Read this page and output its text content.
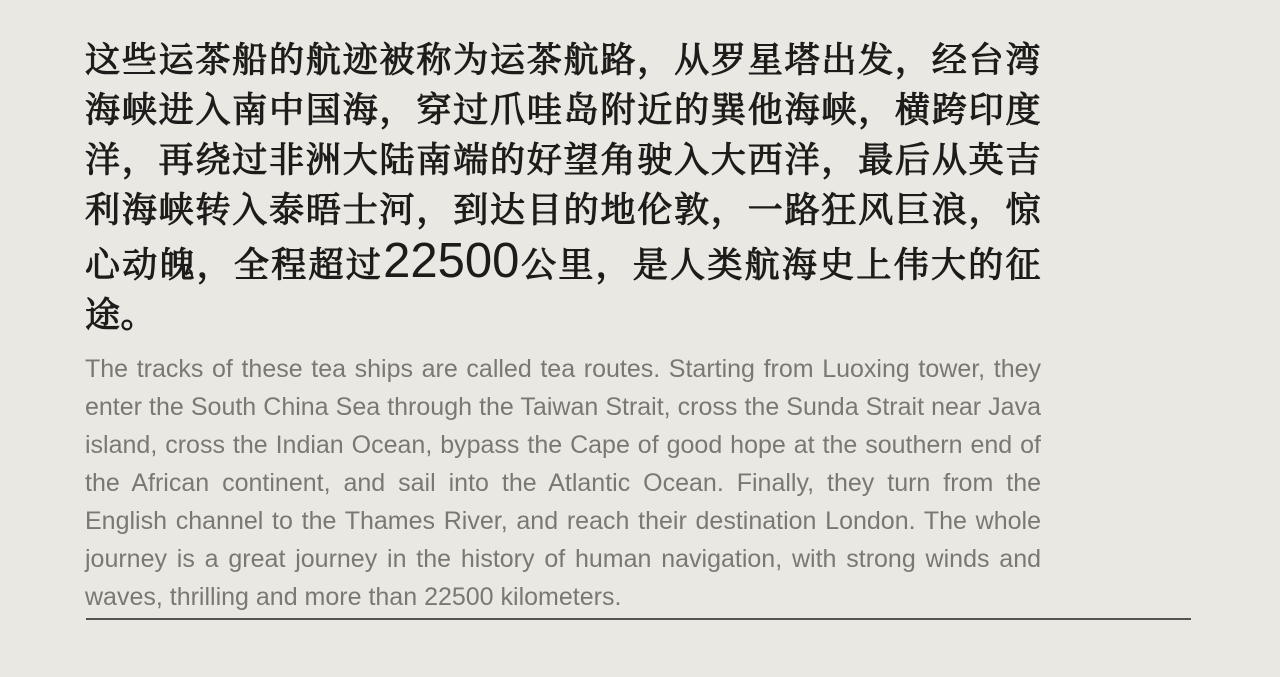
这些运茶船的航迹被称为运茶航路，从罗星塔出发，经台湾海峡进入南中国海，穿过爪哇岛附近的巽他海峡，横跨印度洋，再绕过非洲大陆南端的好望角驶入大西洋，最后从英吉利海峡转入泰晤士河，到达目的地伦敦，一路狂风巨浪，惊心动魄，全程超过22500公里，是人类航海史上伟大的征途。

The tracks of these tea ships are called tea routes. Starting from Luoxing tower, they enter the South China Sea through the Taiwan Strait, cross the Sunda Strait near Java island, cross the Indian Ocean, bypass the Cape of good hope at the southern end of the African continent, and sail into the Atlantic Ocean. Finally, they turn from the English channel to the Thames River, and reach their destination London. The whole journey is a great journey in the history of human navigation, with strong winds and waves, thrilling and more than 22500 kilometers.
